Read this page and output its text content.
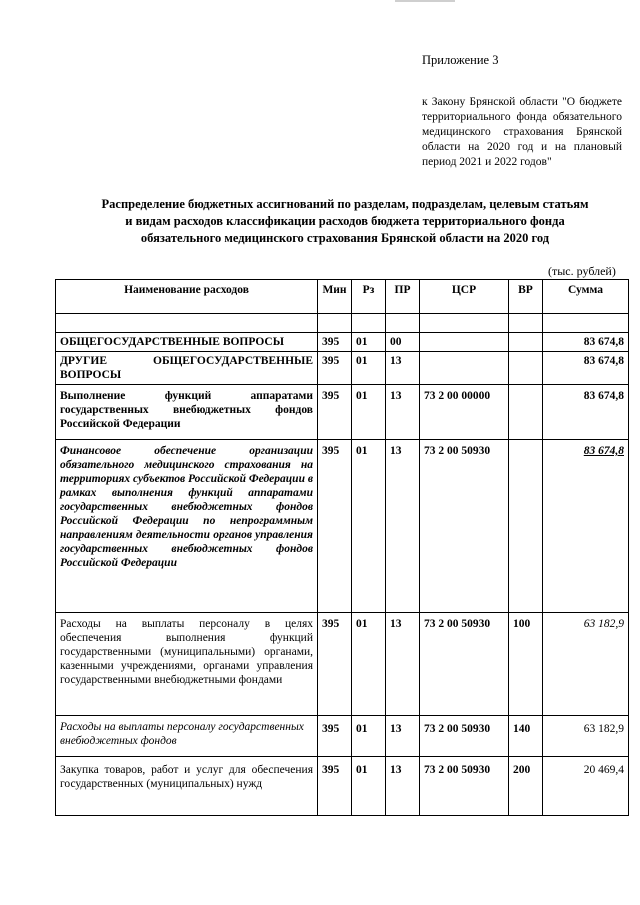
Приложение 3
к Закону Брянской области "О бюджете территориального фонда обязательного медицинского страхования Брянской области на 2020 год и на плановый период 2021 и 2022 годов"
Распределение бюджетных ассигнований по разделам, подразделам, целевым статьям
и видам расходов классификации расходов бюджета территориального фонда
обязательного медицинского страхования Брянской области на 2020 год
(тыс. рублей)
Наименование расходов	Мин	Рз	ПР	ЦСР	ВР	Сумма

ОБЩЕГОСУДАРСТВЕННЫЕ ВОПРОСЫ	395	01	00			83 674,8
ДРУГИЕ ОБЩЕГОСУДАРСТВЕННЫЕ ВОПРОСЫ	395	01	13			83 674,8
Выполнение функций аппаратами государственных внебюджетных фондов Российской Федерации	395	01	13	73 2 00 00000		83 674,8
Финансовое обеспечение организации обязательного медицинского страхования на территориях субъектов Российской Федерации в рамках выполнения функций аппаратами государственных внебюджетных фондов Российской Федерации по непрограммным направлениям деятельности органов управления государственных внебюджетных фондов Российской Федерации	395	01	13	73 2 00 50930		83 674,8
Расходы на выплаты персоналу в целях обеспечения выполнения функций государственными (муниципальными) органами, казенными учреждениями, органами управления государственными внебюджетными фондами	395	01	13	73 2 00 50930	100	63 182,9
Расходы на выплаты персоналу государственных внебюджетных фондов	395	01	13	73 2 00 50930	140	63 182,9
Закупка товаров, работ и услуг для обеспечения государственных (муниципальных) нужд	395	01	13	73 2 00 50930	200	20 469,4
